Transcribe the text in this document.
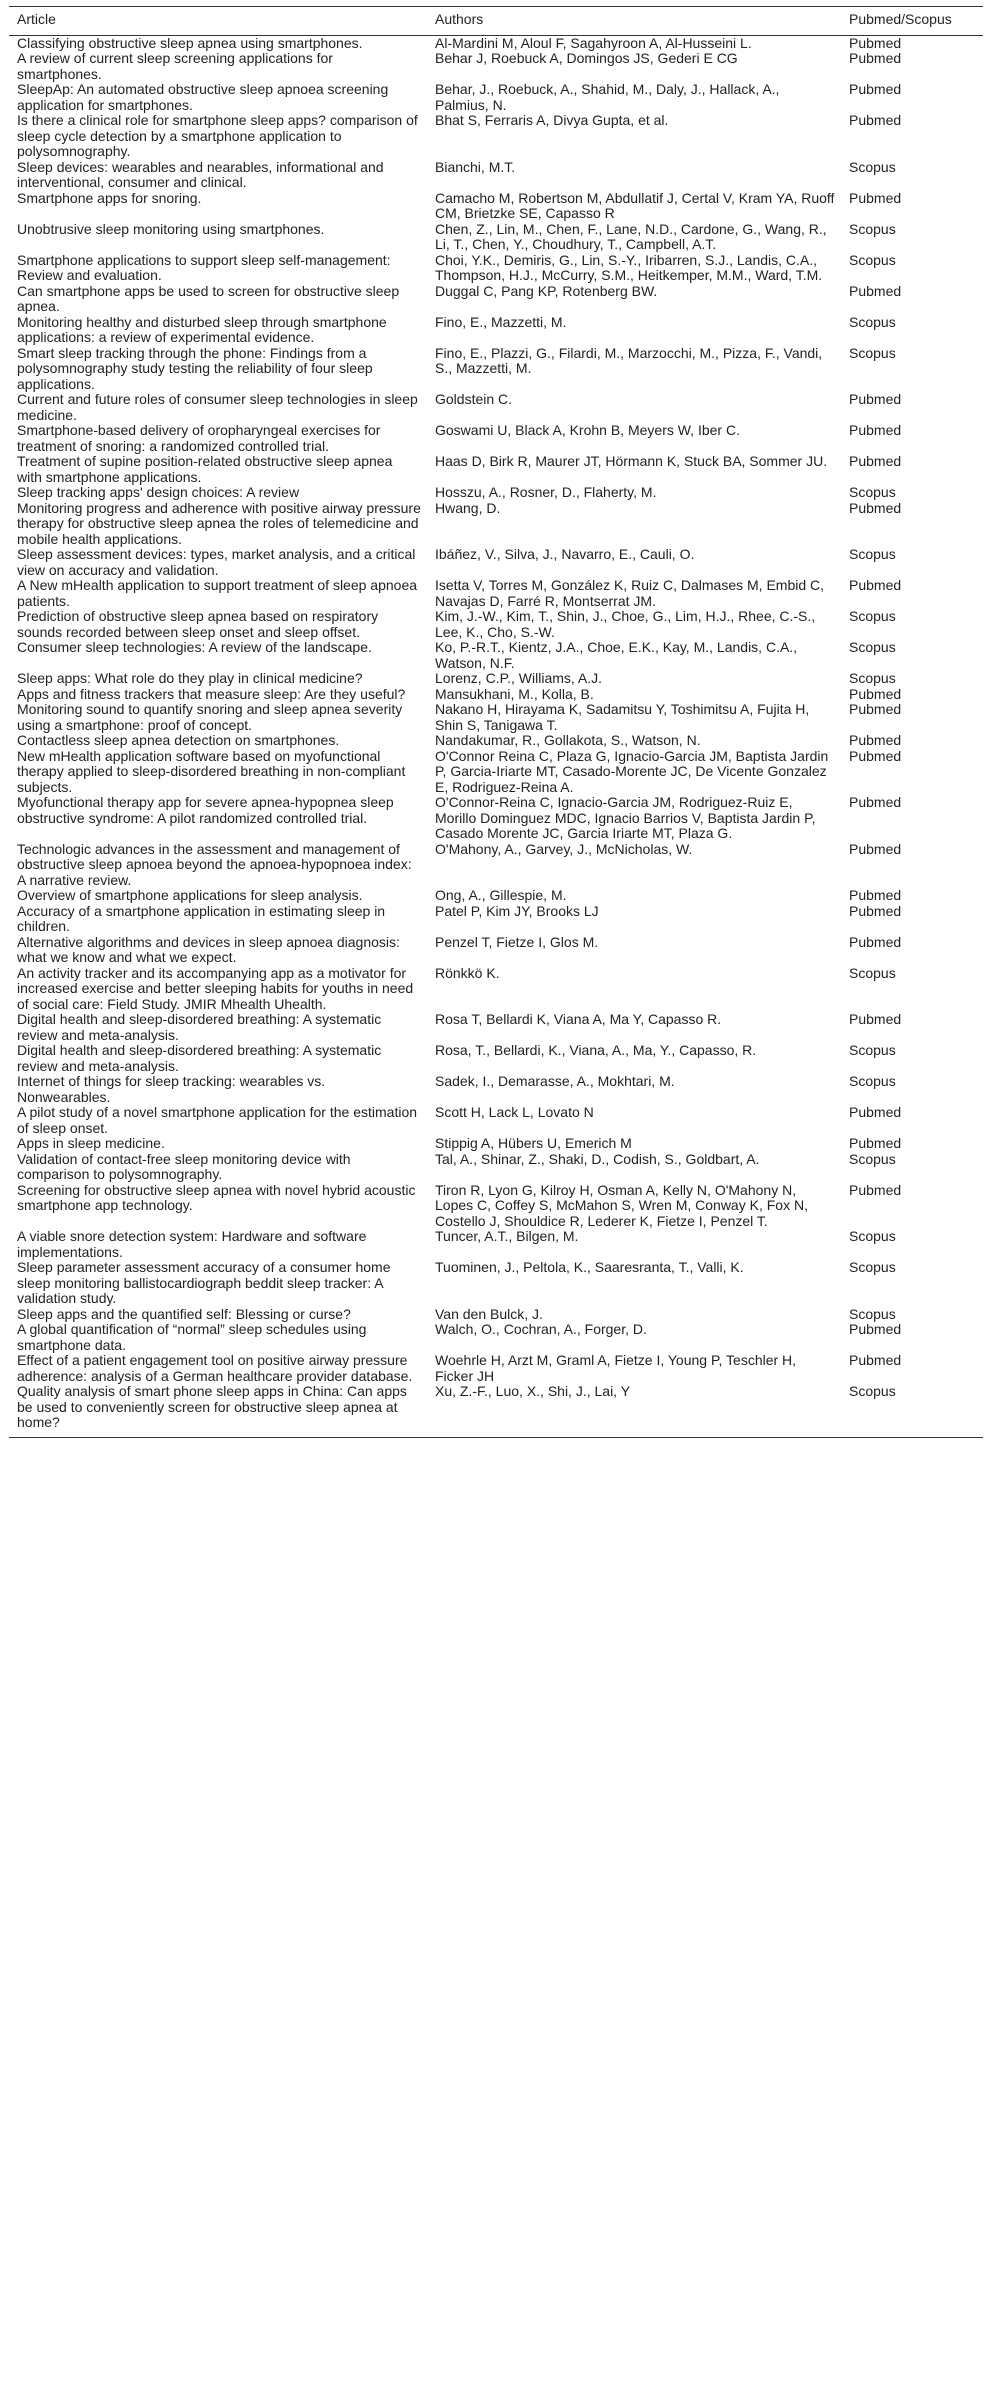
Article	Authors	Pubmed/Scopus
Classifying obstructive sleep apnea using smartphones.	Al-Mardini M, Aloul F, Sagahyroon A, Al-Husseini L.	Pubmed
A review of current sleep screening applications for smartphones.	Behar J, Roebuck A, Domingos JS, Gederi E CG	Pubmed
SleepAp: An automated obstructive sleep apnoea screening application for smartphones.	Behar, J., Roebuck, A., Shahid, M., Daly, J., Hallack, A., Palmius, N.	Pubmed
Is there a clinical role for smartphone sleep apps? comparison of sleep cycle detection by a smartphone application to polysomnography.	Bhat S, Ferraris A, Divya Gupta, et al.	Pubmed
Sleep devices: wearables and nearables, informational and interventional, consumer and clinical.	Bianchi, M.T.	Scopus
Smartphone apps for snoring.	Camacho M, Robertson M, Abdullatif J, Certal V, Kram YA, Ruoff CM, Brietzke SE, Capasso R	Pubmed
Unobtrusive sleep monitoring using smartphones.	Chen, Z., Lin, M., Chen, F., Lane, N.D., Cardone, G., Wang, R., Li, T., Chen, Y., Choudhury, T., Campbell, A.T.	Scopus
Smartphone applications to support sleep self-management: Review and evaluation.	Choi, Y.K., Demiris, G., Lin, S.-Y., Iribarren, S.J., Landis, C.A., Thompson, H.J., McCurry, S.M., Heitkemper, M.M., Ward, T.M.	Scopus
Can smartphone apps be used to screen for obstructive sleep apnea.	Duggal C, Pang KP, Rotenberg BW.	Pubmed
Monitoring healthy and disturbed sleep through smartphone applications: a review of experimental evidence.	Fino, E., Mazzetti, M.	Scopus
Smart sleep tracking through the phone: Findings from a polysomnography study testing the reliability of four sleep applications.	Fino, E., Plazzi, G., Filardi, M., Marzocchi, M., Pizza, F., Vandi, S., Mazzetti, M.	Scopus
Current and future roles of consumer sleep technologies in sleep medicine.	Goldstein C.	Pubmed
Smartphone-based delivery of oropharyngeal exercises for treatment of snoring: a randomized controlled trial.	Goswami U, Black A, Krohn B, Meyers W, Iber C.	Pubmed
Treatment of supine position-related obstructive sleep apnea with smartphone applications.	Haas D, Birk R, Maurer JT, Hörmann K, Stuck BA, Sommer JU.	Pubmed
Sleep tracking apps' design choices: A review	Hosszu, A., Rosner, D., Flaherty, M.	Scopus
Monitoring progress and adherence with positive airway pressure therapy for obstructive sleep apnea the roles of telemedicine and mobile health applications.	Hwang, D.	Pubmed
Sleep assessment devices: types, market analysis, and a critical view on accuracy and validation.	Ibáñez, V., Silva, J., Navarro, E., Cauli, O.	Scopus
A New mHealth application to support treatment of sleep apnoea patients.	Isetta V, Torres M, González K, Ruiz C, Dalmases M, Embid C, Navajas D, Farré R, Montserrat JM.	Pubmed
Prediction of obstructive sleep apnea based on respiratory sounds recorded between sleep onset and sleep offset.	Kim, J.-W., Kim, T., Shin, J., Choe, G., Lim, H.J., Rhee, C.-S., Lee, K., Cho, S.-W.	Scopus
Consumer sleep technologies: A review of the landscape.	Ko, P.-R.T., Kientz, J.A., Choe, E.K., Kay, M., Landis, C.A., Watson, N.F.	Scopus
Sleep apps: What role do they play in clinical medicine?	Lorenz, C.P., Williams, A.J.	Scopus
Apps and fitness trackers that measure sleep: Are they useful?	Mansukhani, M., Kolla, B.	Pubmed
Monitoring sound to quantify snoring and sleep apnea severity using a smartphone: proof of concept.	Nakano H, Hirayama K, Sadamitsu Y, Toshimitsu A, Fujita H, Shin S, Tanigawa T.	Pubmed
Contactless sleep apnea detection on smartphones.	Nandakumar, R., Gollakota, S., Watson, N.	Pubmed
New mHealth application software based on myofunctional therapy applied to sleep-disordered breathing in non-compliant subjects.	O'Connor Reina C, Plaza G, Ignacio-Garcia JM, Baptista Jardin P, Garcia-Iriarte MT, Casado-Morente JC, De Vicente Gonzalez E, Rodriguez-Reina A.	Pubmed
Myofunctional therapy app for severe apnea-hypopnea sleep obstructive syndrome: A pilot randomized controlled trial.	O'Connor-Reina C, Ignacio-Garcia JM, Rodriguez-Ruiz E, Morillo Dominguez MDC, Ignacio Barrios V, Baptista Jardin P, Casado Morente JC, Garcia Iriarte MT, Plaza G.	Pubmed
Technologic advances in the assessment and management of obstructive sleep apnoea beyond the apnoea-hypopnoea index: A narrative review.	O'Mahony, A., Garvey, J., McNicholas, W.	Pubmed
Overview of smartphone applications for sleep analysis.	Ong, A., Gillespie, M.	Pubmed
Accuracy of a smartphone application in estimating sleep in children.	Patel P, Kim JY, Brooks LJ	Pubmed
Alternative algorithms and devices in sleep apnoea diagnosis: what we know and what we expect.	Penzel T, Fietze I, Glos M.	Pubmed
An activity tracker and its accompanying app as a motivator for increased exercise and better sleeping habits for youths in need of social care: Field Study. JMIR Mhealth Uhealth.	Rönkkö K.	Scopus
Digital health and sleep-disordered breathing: A systematic review and meta-analysis.	Rosa T, Bellardi K, Viana A, Ma Y, Capasso R.	Pubmed
Digital health and sleep-disordered breathing: A systematic review and meta-analysis.	Rosa, T., Bellardi, K., Viana, A., Ma, Y., Capasso, R.	Scopus
Internet of things for sleep tracking: wearables vs. Nonwearables.	Sadek, I., Demarasse, A., Mokhtari, M.	Scopus
A pilot study of a novel smartphone application for the estimation of sleep onset.	Scott H, Lack L, Lovato N	Pubmed
Apps in sleep medicine.	Stippig A, Hübers U, Emerich M	Pubmed
Validation of contact-free sleep monitoring device with comparison to polysomnography.	Tal, A., Shinar, Z., Shaki, D., Codish, S., Goldbart, A.	Scopus
Screening for obstructive sleep apnea with novel hybrid acoustic smartphone app technology.	Tiron R, Lyon G, Kilroy H, Osman A, Kelly N, O'Mahony N, Lopes C, Coffey S, McMahon S, Wren M, Conway K, Fox N, Costello J, Shouldice R, Lederer K, Fietze I, Penzel T.	Pubmed
A viable snore detection system: Hardware and software implementations.	Tuncer, A.T., Bilgen, M.	Scopus
Sleep parameter assessment accuracy of a consumer home sleep monitoring ballistocardiograph beddit sleep tracker: A validation study.	Tuominen, J., Peltola, K., Saaresranta, T., Valli, K.	Scopus
Sleep apps and the quantified self: Blessing or curse?	Van den Bulck, J.	Scopus
A global quantification of “normal” sleep schedules using smartphone data.	Walch, O., Cochran, A., Forger, D.	Pubmed
Effect of a patient engagement tool on positive airway pressure adherence: analysis of a German healthcare provider database.	Woehrle H, Arzt M, Graml A, Fietze I, Young P, Teschler H, Ficker JH	Pubmed
Quality analysis of smart phone sleep apps in China: Can apps be used to conveniently screen for obstructive sleep apnea at home?	Xu, Z.-F., Luo, X., Shi, J., Lai, Y	Scopus
